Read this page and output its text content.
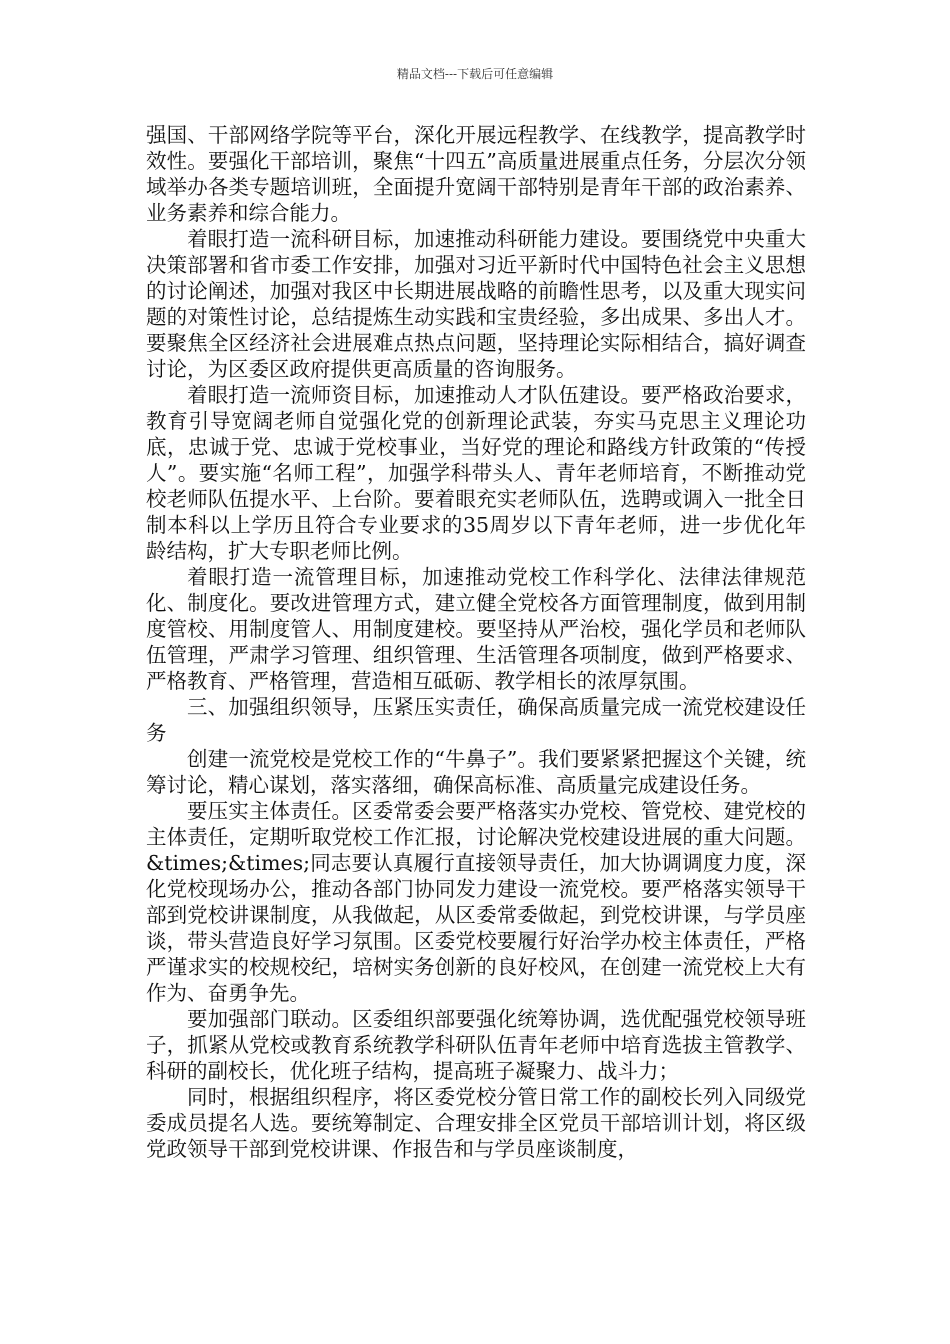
精品文档---下载后可任意编辑

强国、干部网络学院等平台，深化开展远程教学、在线教学，提高教学时效性。要强化干部培训，聚焦“十四五”高质量进展重点任务，分层次分领域举办各类专题培训班，全面提升宽阔干部特别是青年干部的政治素养、业务素养和综合能力。

着眼打造一流科研目标，加速推动科研能力建设。要围绕党中央重大决策部署和省市委工作安排，加强对习近平新时代中国特色社会主义思想的讨论阐述，加强对我区中长期进展战略的前瞻性思考，以及重大现实问题的对策性讨论，总结提炼生动实践和宝贵经验，多出成果、多出人才。要聚焦全区经济社会进展难点热点问题，坚持理论实际相结合，搞好调查讨论，为区委区政府提供更高质量的咨询服务。

着眼打造一流师资目标，加速推动人才队伍建设。要严格政治要求，教育引导宽阔老师自觉强化党的创新理论武装，夯实马克思主义理论功底，忠诚于党、忠诚于党校事业，当好党的理论和路线方针政策的“传授人”。要实施“名师工程”，加强学科带头人、青年老师培育，不断推动党校老师队伍提水平、上台阶。要着眼充实老师队伍，选聘或调入一批全日制本科以上学历且符合专业要求的35周岁以下青年老师，进一步优化年龄结构，扩大专职老师比例。

着眼打造一流管理目标，加速推动党校工作科学化、法律法律规范化、制度化。要改进管理方式，建立健全党校各方面管理制度，做到用制度管校、用制度管人、用制度建校。要坚持从严治校，强化学员和老师队伍管理，严肃学习管理、组织管理、生活管理各项制度，做到严格要求、严格教育、严格管理，营造相互砥砺、教学相长的浓厚氛围。

三、加强组织领导，压紧压实责任，确保高质量完成一流党校建设任务

创建一流党校是党校工作的“牛鼻子”。我们要紧紧把握这个关键，统筹讨论，精心谋划，落实落细，确保高标准、高质量完成建设任务。

要压实主体责任。区委常委会要严格落实办党校、管党校、建党校的主体责任，定期听取党校工作汇报，讨论解决党校建设进展的重大问题。&times;&times;同志要认真履行直接领导责任，加大协调调度力度，深化党校现场办公，推动各部门协同发力建设一流党校。要严格落实领导干部到党校讲课制度，从我做起，从区委常委做起，到党校讲课，与学员座谈，带头营造良好学习氛围。区委党校要履行好治学办校主体责任，严格严谨求实的校规校纪，培树实务创新的良好校风，在创建一流党校上大有作为、奋勇争先。

要加强部门联动。区委组织部要强化统筹协调，选优配强党校领导班子，抓紧从党校或教育系统教学科研队伍青年老师中培育选拔主管教学、科研的副校长，优化班子结构，提高班子凝聚力、战斗力；

同时，根据组织程序，将区委党校分管日常工作的副校长列入同级党委成员提名人选。要统筹制定、合理安排全区党员干部培训计划，将区级党政领导干部到党校讲课、作报告和与学员座谈制度，
